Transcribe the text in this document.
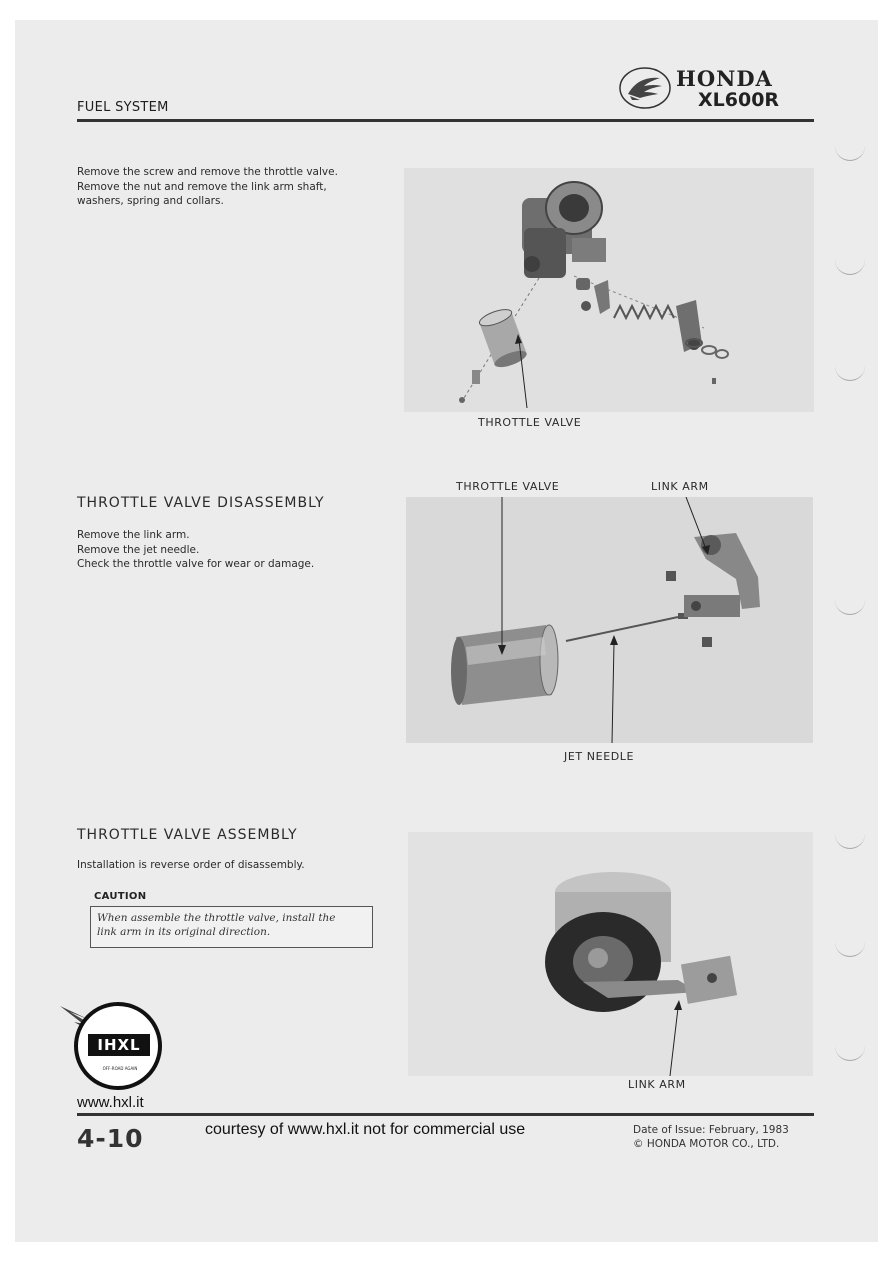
FUEL SYSTEM
HONDA
XL600R
Remove the screw and remove the throttle valve.
Remove the nut and remove the link arm shaft,
washers, spring and collars.
THROTTLE VALVE
THROTTLE VALVE DISASSEMBLY
Remove the link arm.
Remove the jet needle.
Check the throttle valve for wear or damage.
THROTTLE VALVE	LINK ARM
JET NEEDLE
THROTTLE VALVE ASSEMBLY
Installation is reverse order of disassembly.
CAUTION
When assemble the throttle valve, install the
link arm in its original direction.
LINK ARM
IHXL
OFF-ROAD AGAIN
www.hxl.it
4-10	courtesy of www.hxl.it not for commercial use	Date of Issue: February, 1983
© HONDA MOTOR CO., LTD.
